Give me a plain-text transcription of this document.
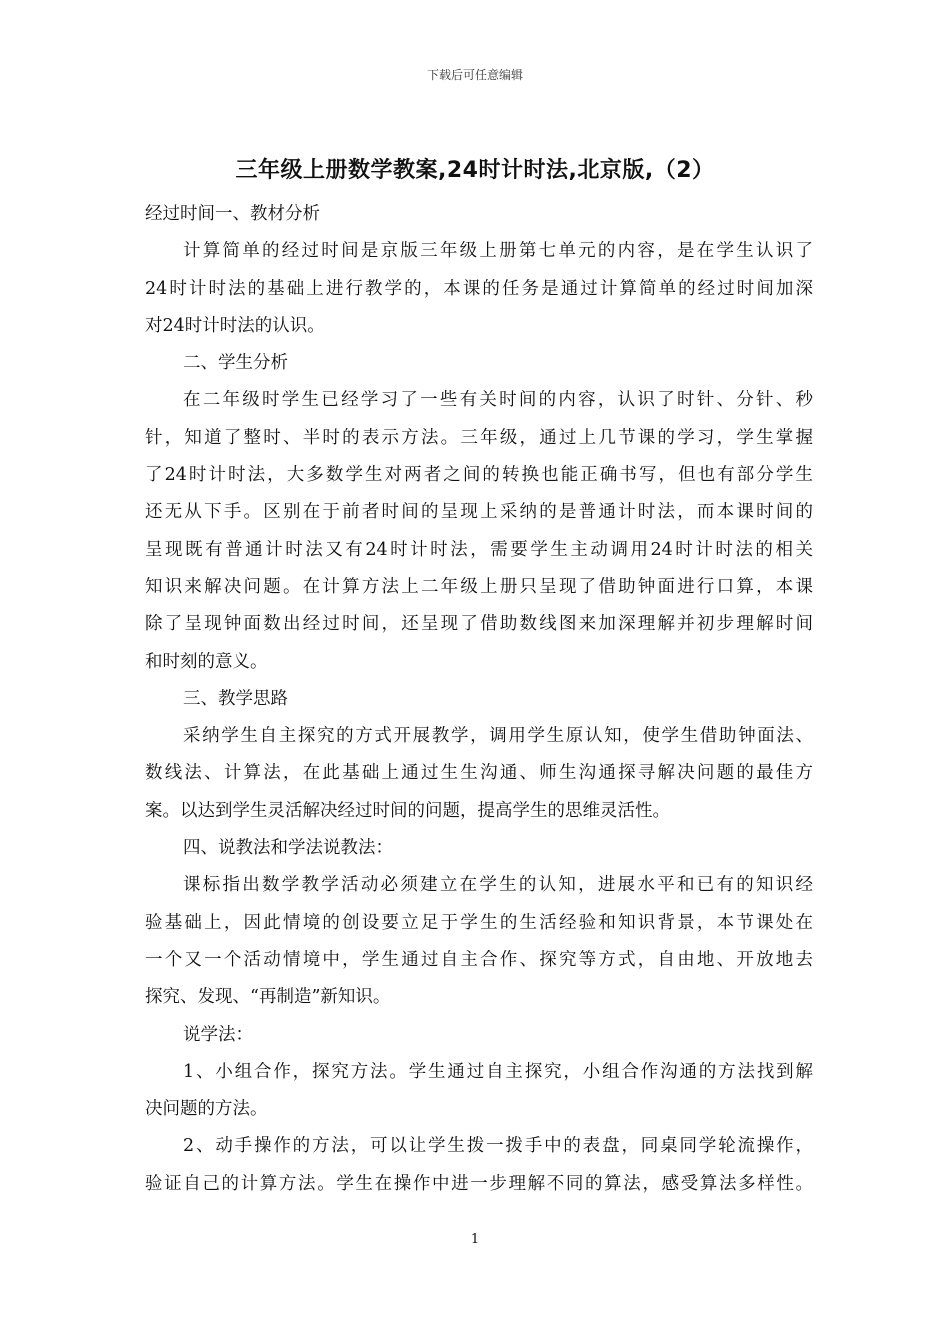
下载后可任意编辑
三年级上册数学教案,24时计时法,北京版,（2）
经过时间一、教材分析
计算简单的经过时间是京版三年级上册第七单元的内容，是在学生认识了
24时计时法的基础上进行教学的，本课的任务是通过计算简单的经过时间加深
对24时计时法的认识。
二、学生分析
在二年级时学生已经学习了一些有关时间的内容，认识了时针、分针、秒
针，知道了整时、半时的表示方法。三年级，通过上几节课的学习，学生掌握
了24时计时法，大多数学生对两者之间的转换也能正确书写，但也有部分学生
还无从下手。区别在于前者时间的呈现上采纳的是普通计时法，而本课时间的
呈现既有普通计时法又有24时计时法，需要学生主动调用24时计时法的相关
知识来解决问题。在计算方法上二年级上册只呈现了借助钟面进行口算，本课
除了呈现钟面数出经过时间，还呈现了借助数线图来加深理解并初步理解时间
和时刻的意义。
三、教学思路
采纳学生自主探究的方式开展教学，调用学生原认知，使学生借助钟面法、
数线法、计算法，在此基础上通过生生沟通、师生沟通探寻解决问题的最佳方
案。以达到学生灵活解决经过时间的问题，提高学生的思维灵活性。
四、说教法和学法说教法：
课标指出数学教学活动必须建立在学生的认知，进展水平和已有的知识经
验基础上，因此情境的创设要立足于学生的生活经验和知识背景，本节课处在
一个又一个活动情境中，学生通过自主合作、探究等方式，自由地、开放地去
探究、发现、“再制造”新知识。
说学法：
1、小组合作，探究方法。学生通过自主探究，小组合作沟通的方法找到解
决问题的方法。
2、动手操作的方法，可以让学生拨一拨手中的表盘，同桌同学轮流操作，
验证自己的计算方法。学生在操作中进一步理解不同的算法，感受算法多样性。
1
